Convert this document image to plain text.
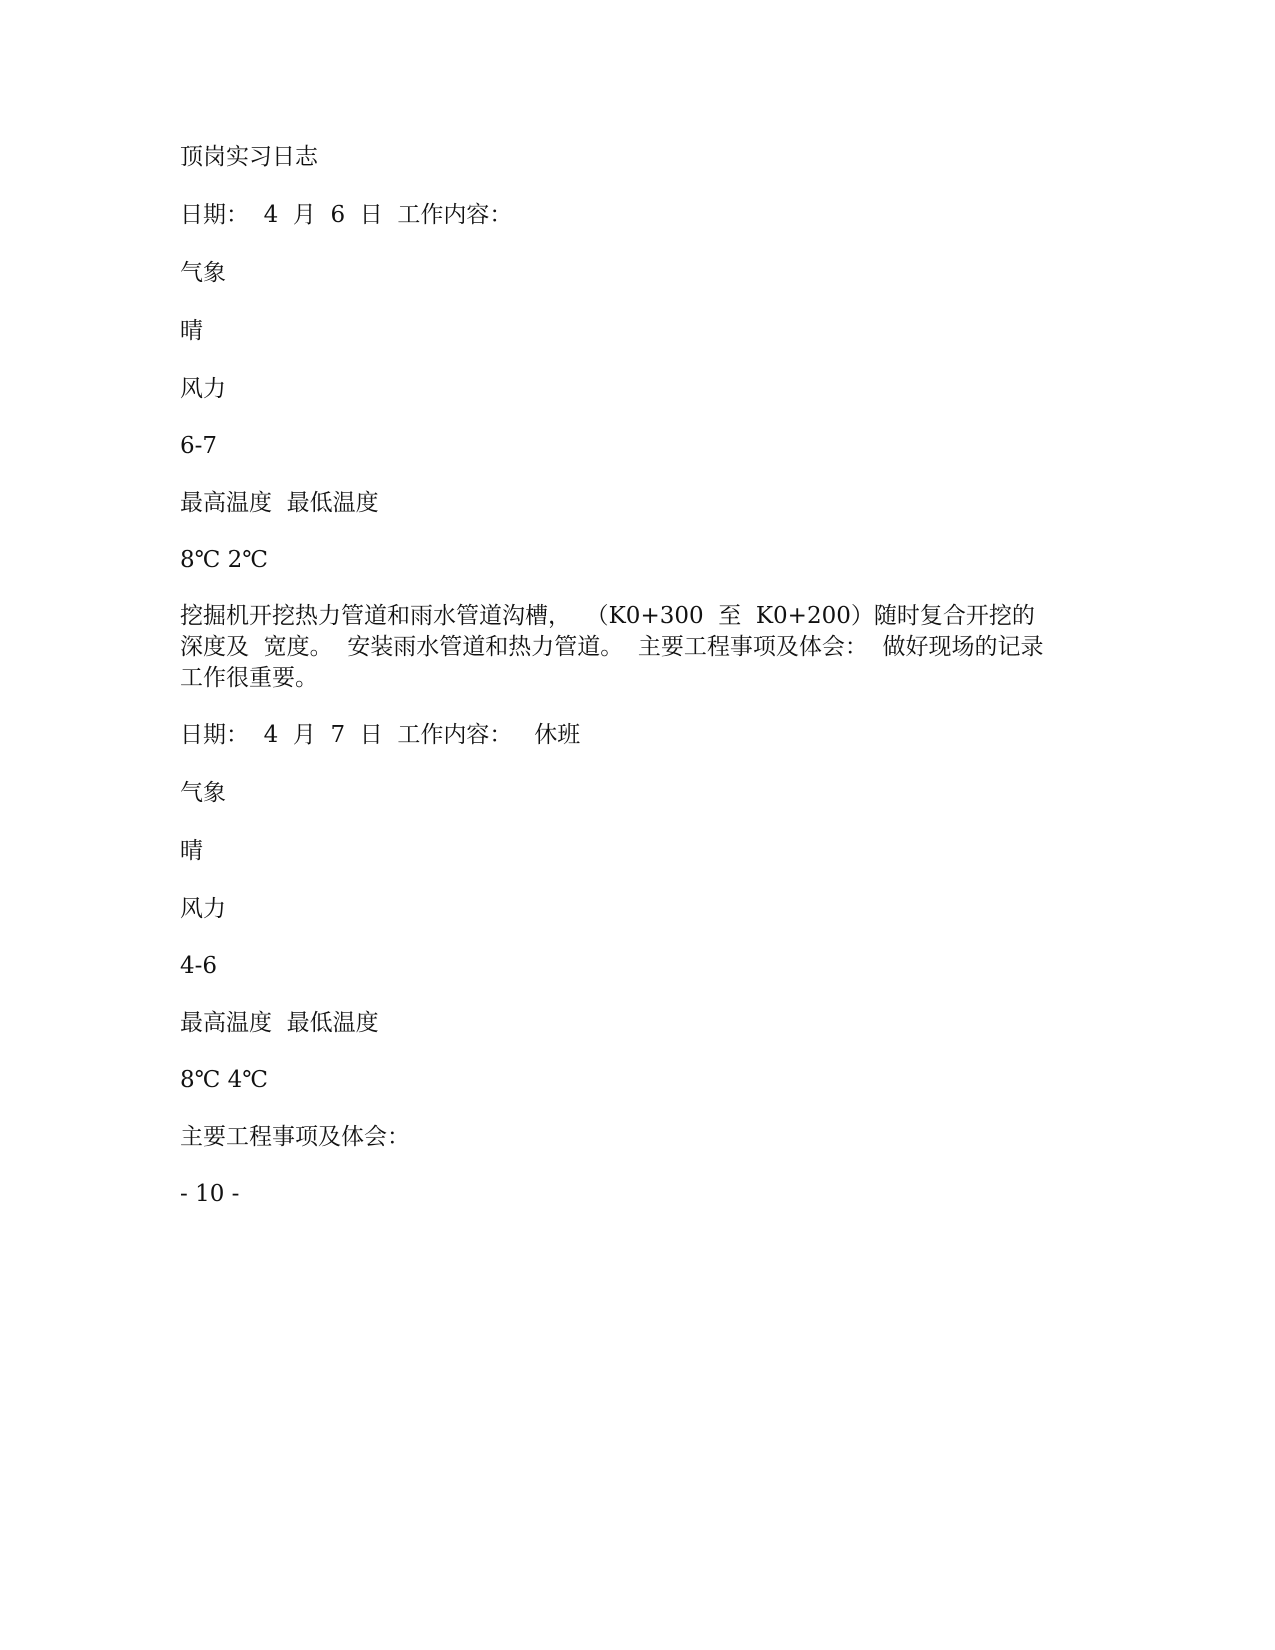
顶岗实习日志
日期：  4  月  6  日  工作内容：
气象
晴
风力
6-7
最高温度  最低温度
8℃ 2℃
挖掘机开挖热力管道和雨水管道沟槽，  （K0+300  至  K0+200）随时复合开挖的深度及  宽度。  安装雨水管道和热力管道。  主要工程事项及体会：  做好现场的记录工作很重要。
日期：  4  月  7  日  工作内容：   休班
气象
晴
风力
4-6
最高温度  最低温度
8℃ 4℃
主要工程事项及体会：
- 10 -
